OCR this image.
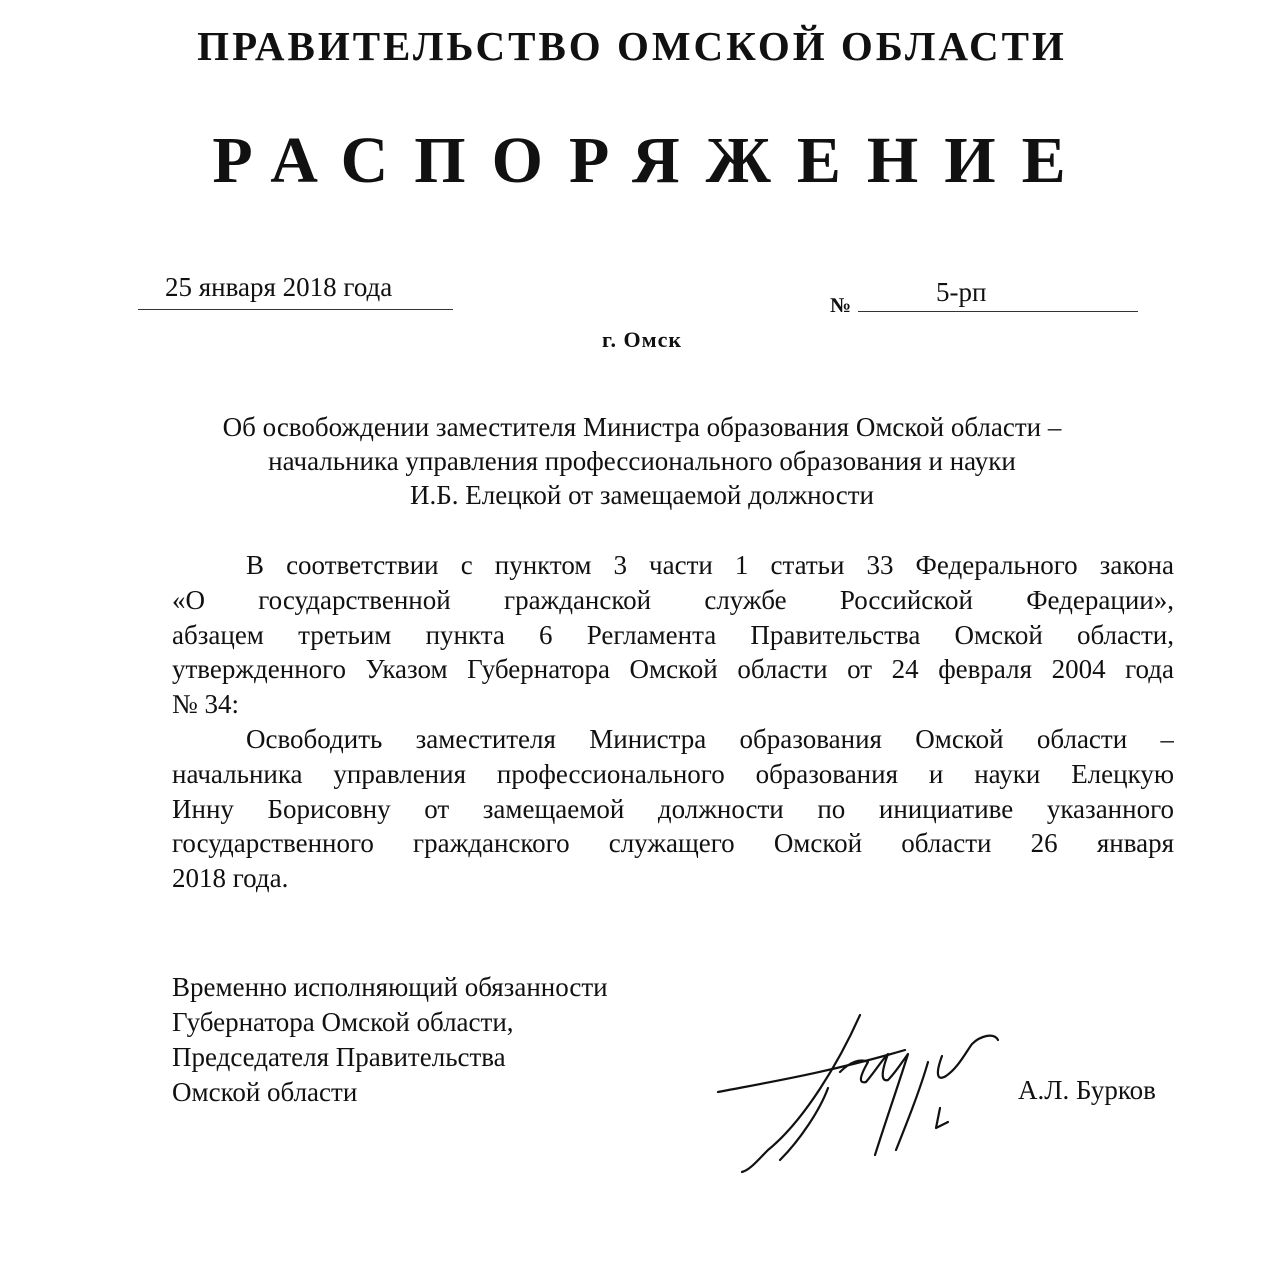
ПРАВИТЕЛЬСТВО ОМСКОЙ ОБЛАСТИ
РАСПОРЯЖЕНИЕ
25 января 2018 года
№	5-рп
г. Омск
Об освобождении заместителя Министра образования Омской области –
начальника управления профессионального образования и науки
И.Б. Елецкой от замещаемой должности
В соответствии с пунктом 3 части 1 статьи 33 Федерального закона
«О государственной гражданской службе Российской Федерации»,
абзацем третьим пункта 6 Регламента Правительства Омской области,
утвержденного Указом Губернатора Омской области от 24 февраля 2004 года
№ 34:
Освободить заместителя Министра образования Омской области –
начальника управления профессионального образования и науки Елецкую
Инну Борисовну от замещаемой должности по инициативе указанного
государственного гражданского служащего Омской области 26 января
2018 года.
Временно исполняющий обязанности
Губернатора Омской области,
Председателя Правительства
Омской области	А.Л. Бурков
